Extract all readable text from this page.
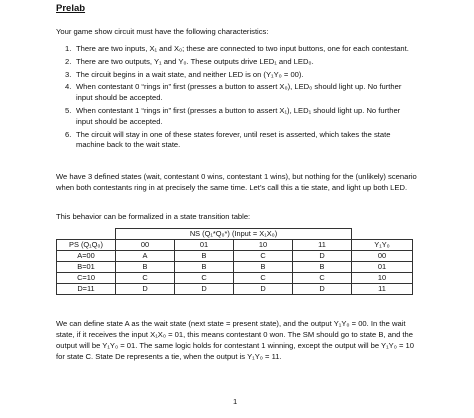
Prelab
Your game show circuit must have the following characteristics:
1. There are two inputs, X₁ and X₀; these are connected to two input buttons, one for each contestant.
2. There are two outputs, Y₁ and Y₀. These outputs drive LED₁ and LED₀.
3. The circuit begins in a wait state, and neither LED is on (Y₁Y₀ = 00).
4. When contestant 0 “rings in” first (presses a button to assert X₀), LED₀ should light up. No further input should be accepted.
5. When contestant 1 “rings in” first (presses a button to assert X₁), LED₁ should light up. No further input should be accepted.
6. The circuit will stay in one of these states forever, until reset is asserted, which takes the state machine back to the wait state.
We have 3 defined states (wait, contestant 0 wins, contestant 1 wins), but nothing for the (unlikely) scenario when both contestants ring in at precisely the same time. Let’s call this a tie state, and light up both LED.
This behavior can be formalized in a state transition table:
	NS (Q₁*Q₀*) (Input = X₁X₀)				
PS (Q₁Q₀)	00	01	10	11	Y₁Y₀
A=00	A	B	C	D	00
B=01	B	B	B	B	01
C=10	C	C	C	C	10
D=11	D	D	D	D	11
We can define state A as the wait state (next state = present state), and the output Y₁Y₀ = 00. In the wait state, if it receives the input X₁X₀ = 01, this means contestant 0 won. The SM should go to state B, and the output will be Y₁Y₀ = 01. The same logic holds for contestant 1 winning, except the output will be Y₁Y₀ = 10 for state C. State De represents a tie, when the output is Y₁Y₀ = 11.
1
